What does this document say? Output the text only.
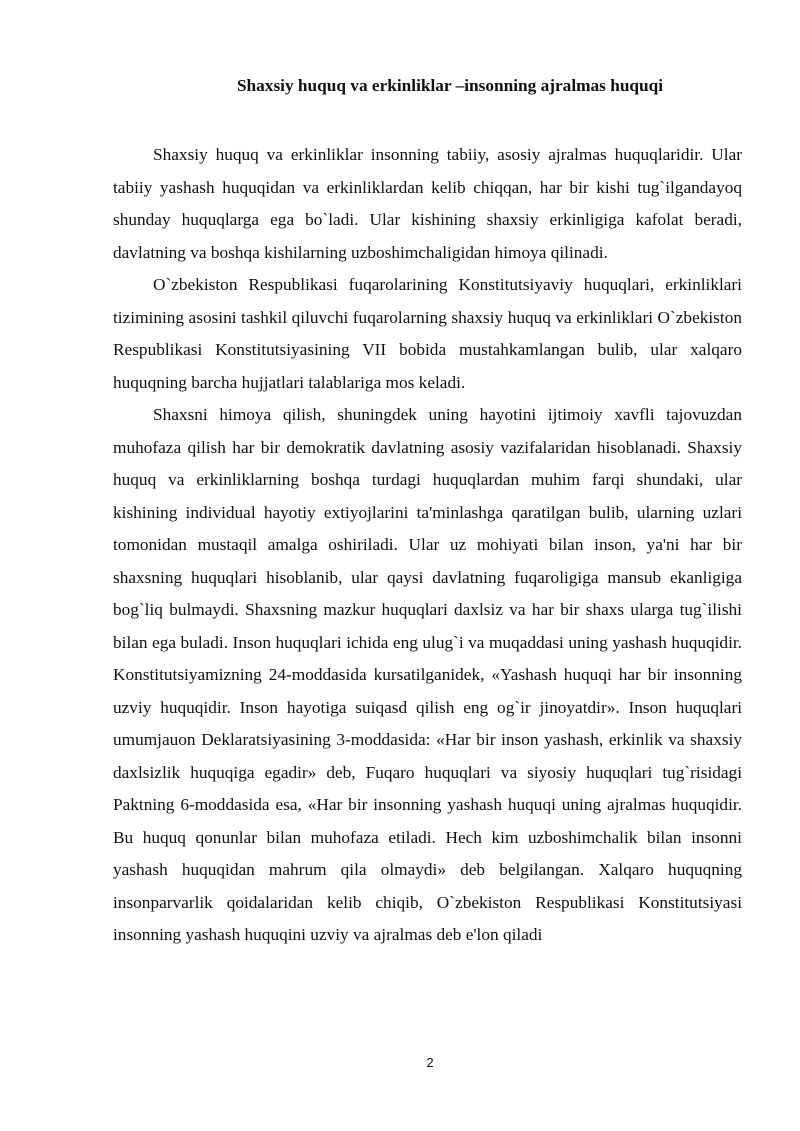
Shaxsiy huquq va erkinliklar –insonning ajralmas huquqi

Shaxsiy huquq va erkinliklar insonning tabiiy, asosiy ajralmas huquqlaridir. Ular tabiiy yashash huquqidan va erkinliklardan kelib chiqqan, har bir kishi tug`ilgandayoq shunday huquqlarga ega bo`ladi. Ular kishining shaxsiy erkinligiga kafolat beradi, davlatning va boshqa kishilarning uzboshimchaligidan himoya qilinadi.

O`zbekiston Respublikasi fuqarolarining Konstitutsiyaviy huquqlari, erkinliklari tizimining asosini tashkil qiluvchi fuqarolarning shaxsiy huquq va erkinliklari O`zbekiston Respublikasi Konstitutsiyasining VII bobida mustahkamlangan bulib, ular xalqaro huquqning barcha hujjatlari talablariga mos keladi.

Shaxsni himoya qilish, shuningdek uning hayotini ijtimoiy xavfli tajovuzdan muhofaza qilish har bir demokratik davlatning asosiy vazifalaridan hisoblanadi. Shaxsiy huquq va erkinliklarning boshqa turdagi huquqlardan muhim farqi shundaki, ular kishining individual hayotiy extiyojlarini ta'minlashga qaratilgan bulib, ularning uzlari tomonidan mustaqil amalga oshiriladi. Ular uz mohiyati bilan inson, ya'ni har bir shaxsning huquqlari hisoblanib, ular qaysi davlatning fuqaroligiga mansub ekanligiga bog`liq bulmaydi. Shaxsning mazkur huquqlari daxlsiz va har bir shaxs ularga tug`ilishi bilan ega buladi. Inson huquqlari ichida eng ulug`i va muqaddasi uning yashash huquqidir. Konstitutsiyamizning 24-moddasida kursatilganidek, «Yashash huquqi har bir insonning uzviy huquqidir. Inson hayotiga suiqasd qilish eng og`ir jinoyatdir». Inson huquqlari umumjauon Deklaratsiyasining 3-moddasida: «Har bir inson yashash, erkinlik va shaxsiy daxlsizlik huquqiga egadir» deb, Fuqaro huquqlari va siyosiy huquqlari tug`risidagi Paktning 6-moddasida esa, «Har bir insonning yashash huquqi uning ajralmas huquqidir. Bu huquq qonunlar bilan muhofaza etiladi. Hech kim uzboshimchalik bilan insonni yashash huquqidan mahrum qila olmaydi» deb belgilangan. Xalqaro huquqning insonparvarlik qoidalaridan kelib chiqib, O`zbekiston Respublikasi Konstitutsiyasi insonning yashash huquqini uzviy va ajralmas deb e'lon qiladi

2
